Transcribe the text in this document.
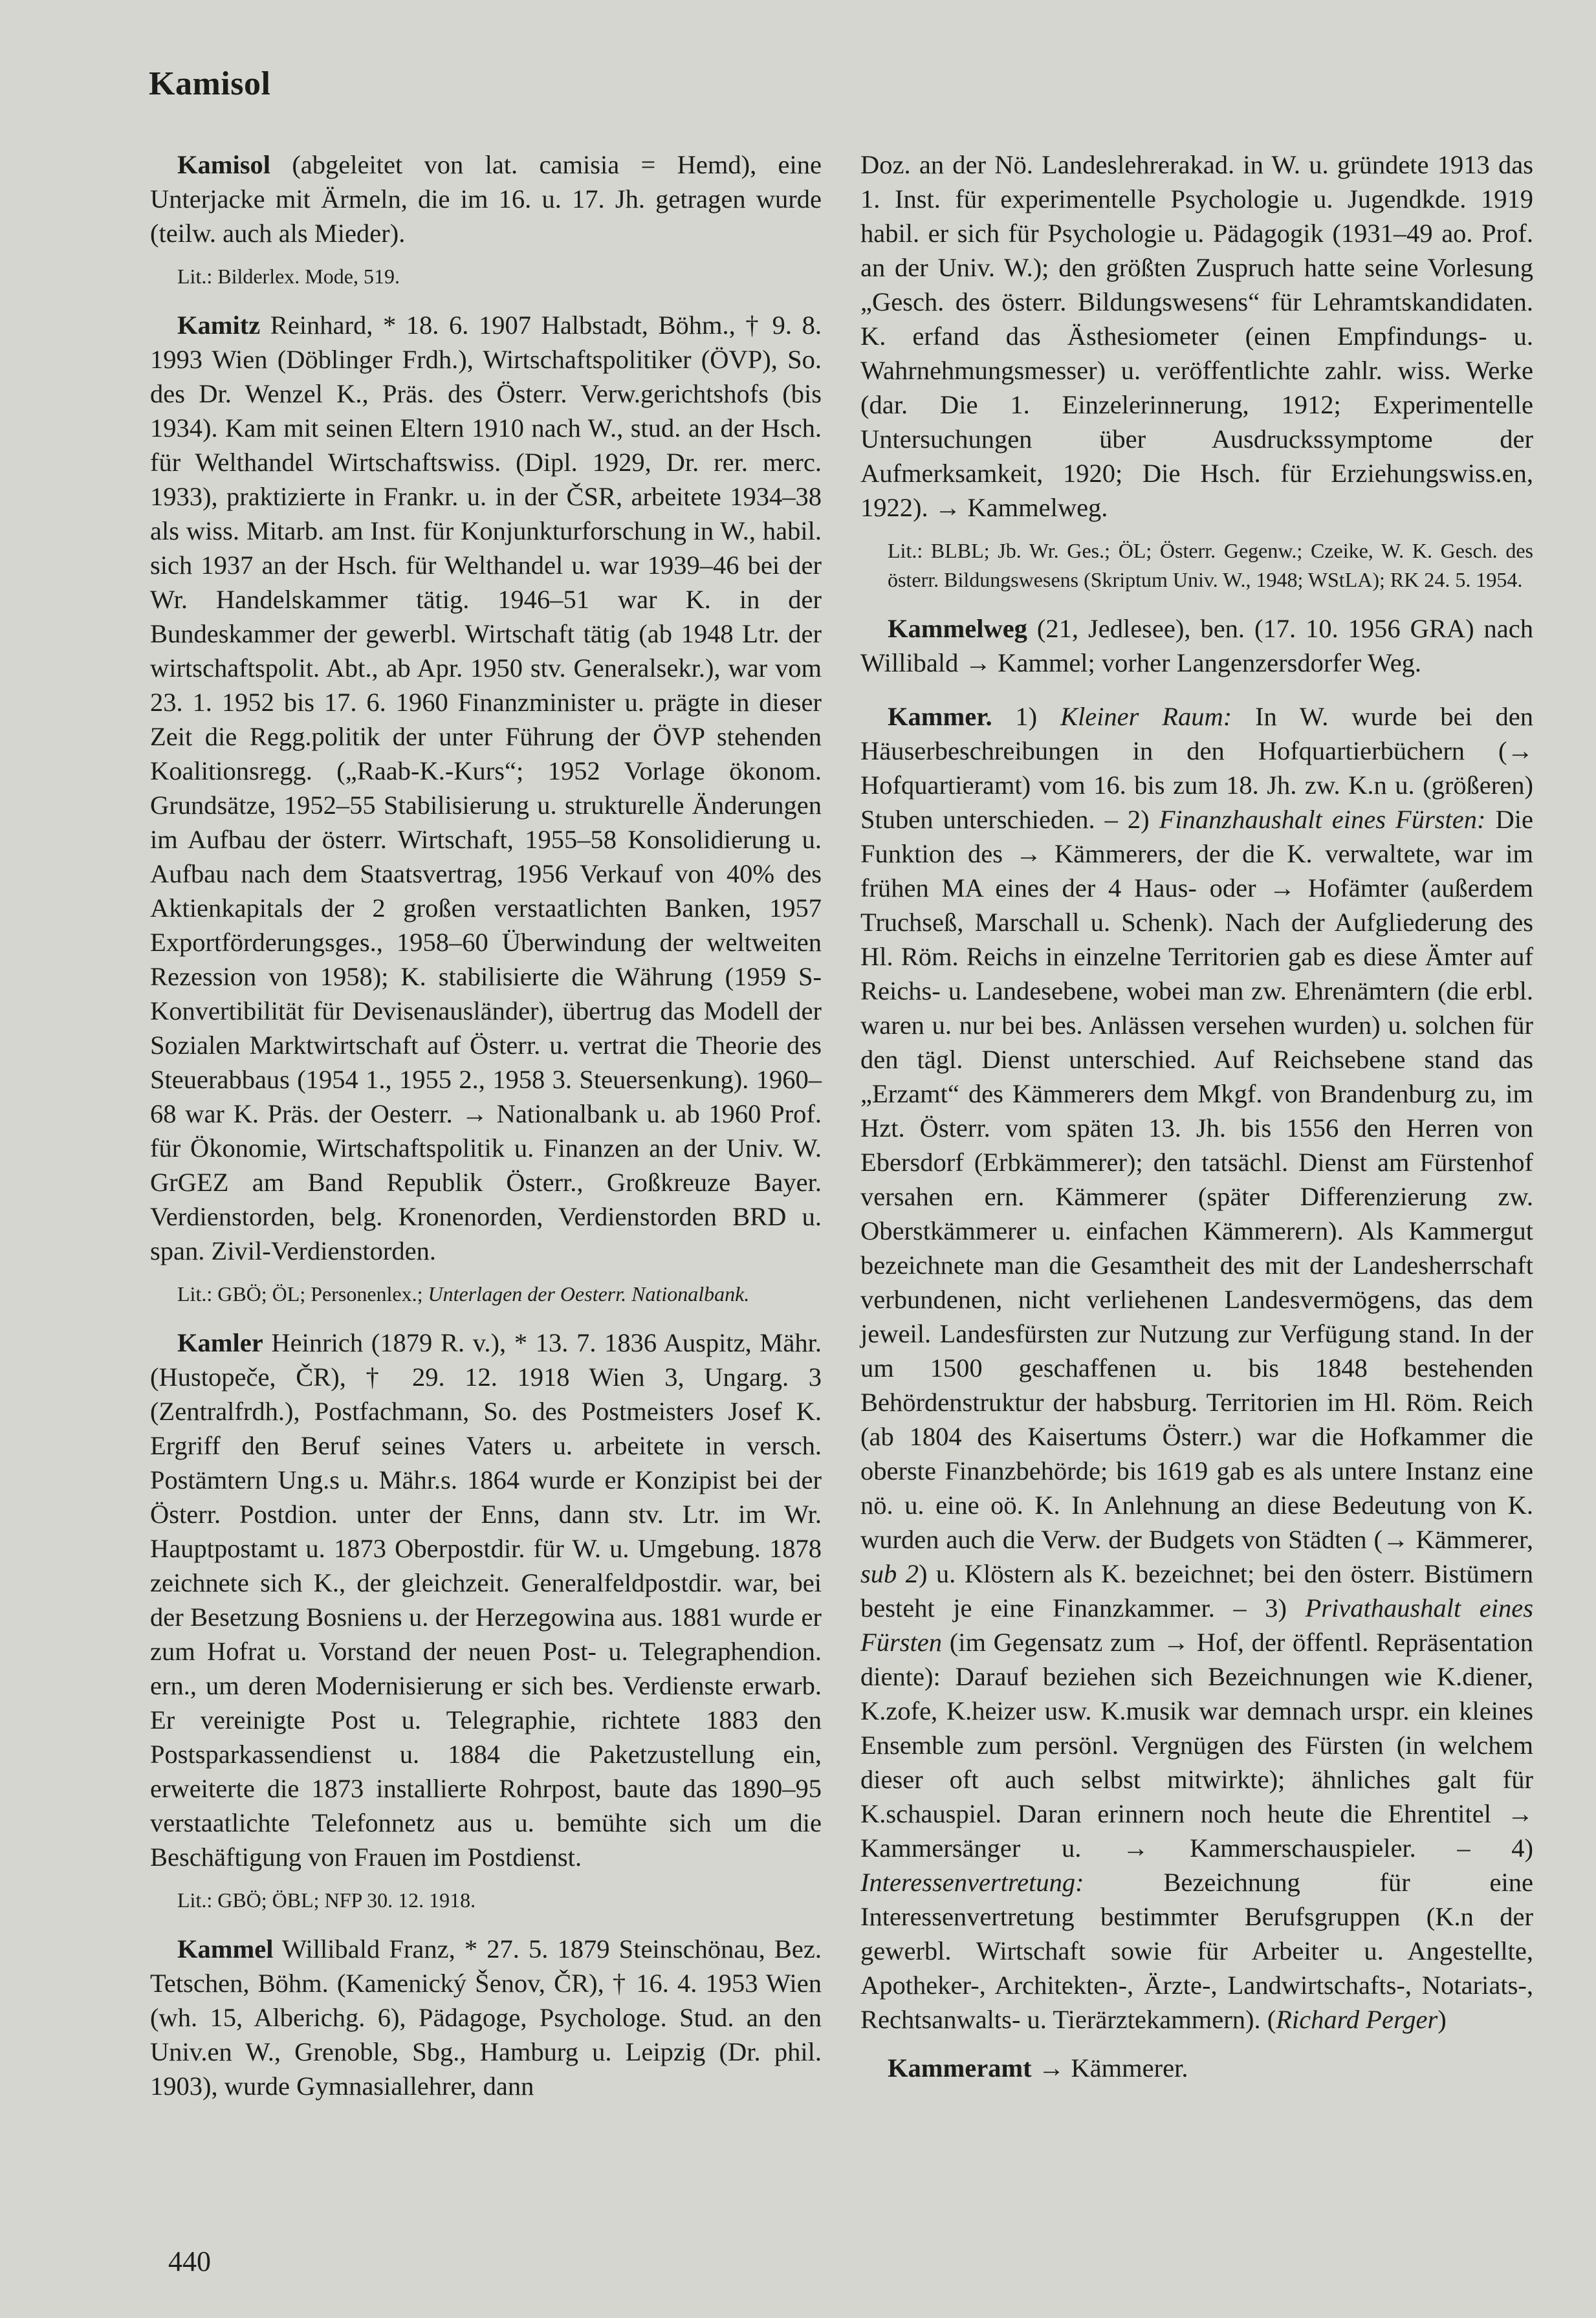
Kamisol

Kamisol (abgeleitet von lat. camisia = Hemd), eine Unterjacke mit Ärmeln, die im 16. u. 17. Jh. getragen wurde (teilw. auch als Mieder).

Lit.: Bilderlex. Mode, 519.

Kamitz Reinhard, * 18. 6. 1907 Halbstadt, Böhm., † 9. 8. 1993 Wien (Döblinger Frdh.), Wirtschaftspolitiker (ÖVP), So. des Dr. Wenzel K., Präs. des Österr. Verw.gerichtshofs (bis 1934). Kam mit seinen Eltern 1910 nach W., stud. an der Hsch. für Welthandel Wirtschaftswiss. (Dipl. 1929, Dr. rer. merc. 1933), praktizierte in Frankr. u. in der ČSR, arbeitete 1934–38 als wiss. Mitarb. am Inst. für Konjunkturforschung in W., habil. sich 1937 an der Hsch. für Welthandel u. war 1939–46 bei der Wr. Handelskammer tätig. 1946–51 war K. in der Bundeskammer der gewerbl. Wirtschaft tätig (ab 1948 Ltr. der wirtschaftspolit. Abt., ab Apr. 1950 stv. Generalsekr.), war vom 23. 1. 1952 bis 17. 6. 1960 Finanzminister u. prägte in dieser Zeit die Regg.politik der unter Führung der ÖVP stehenden Koalitionsregg. („Raab-K.-Kurs“; 1952 Vorlage ökonom. Grundsätze, 1952–55 Stabilisierung u. strukturelle Änderungen im Aufbau der österr. Wirtschaft, 1955–58 Konsolidierung u. Aufbau nach dem Staatsvertrag, 1956 Verkauf von 40% des Aktienkapitals der 2 großen verstaatlichten Banken, 1957 Exportförderungsges., 1958–60 Überwindung der weltweiten Rezession von 1958); K. stabilisierte die Währung (1959 S-Konvertibilität für Devisenausländer), übertrug das Modell der Sozialen Marktwirtschaft auf Österr. u. vertrat die Theorie des Steuerabbaus (1954 1., 1955 2., 1958 3. Steuersenkung). 1960–68 war K. Präs. der Oesterr. → Nationalbank u. ab 1960 Prof. für Ökonomie, Wirtschaftspolitik u. Finanzen an der Univ. W. GrGEZ am Band Republik Österr., Großkreuze Bayer. Verdienstorden, belg. Kronenorden, Verdienstorden BRD u. span. Zivil-Verdienstorden.

Lit.: GBÖ; ÖL; Personenlex.; Unterlagen der Oesterr. Nationalbank.

Kamler Heinrich (1879 R. v.), * 13. 7. 1836 Auspitz, Mähr. (Hustopeče, ČR), † 29. 12. 1918 Wien 3, Ungarg. 3 (Zentralfrdh.), Postfachmann, So. des Postmeisters Josef K. Ergriff den Beruf seines Vaters u. arbeitete in versch. Postämtern Ung.s u. Mähr.s. 1864 wurde er Konzipist bei der Österr. Postdion. unter der Enns, dann stv. Ltr. im Wr. Hauptpostamt u. 1873 Oberpostdir. für W. u. Umgebung. 1878 zeichnete sich K., der gleichzeit. Generalfeldpostdir. war, bei der Besetzung Bosniens u. der Herzegowina aus. 1881 wurde er zum Hofrat u. Vorstand der neuen Post- u. Telegraphendion. ern., um deren Modernisierung er sich bes. Verdienste erwarb. Er vereinigte Post u. Telegraphie, richtete 1883 den Postsparkassendienst u. 1884 die Paketzustellung ein, erweiterte die 1873 installierte Rohrpost, baute das 1890–95 verstaatlichte Telefonnetz aus u. bemühte sich um die Beschäftigung von Frauen im Postdienst.

Lit.: GBÖ; ÖBL; NFP 30. 12. 1918.

Kammel Willibald Franz, * 27. 5. 1879 Steinschönau, Bez. Tetschen, Böhm. (Kamenický Šenov, ČR), † 16. 4. 1953 Wien (wh. 15, Alberichg. 6), Pädagoge, Psychologe. Stud. an den Univ.en W., Grenoble, Sbg., Hamburg u. Leipzig (Dr. phil. 1903), wurde Gymnasiallehrer, dann

Doz. an der Nö. Landeslehrerakad. in W. u. gründete 1913 das 1. Inst. für experimentelle Psychologie u. Jugendkde. 1919 habil. er sich für Psychologie u. Pädagogik (1931–49 ao. Prof. an der Univ. W.); den größten Zuspruch hatte seine Vorlesung „Gesch. des österr. Bildungswesens“ für Lehramtskandidaten. K. erfand das Ästhesiometer (einen Empfindungs- u. Wahrnehmungsmesser) u. veröffentlichte zahlr. wiss. Werke (dar. Die 1. Einzelerinnerung, 1912; Experimentelle Untersuchungen über Ausdruckssymptome der Aufmerksamkeit, 1920; Die Hsch. für Erziehungswiss.en, 1922). → Kammelweg.

Lit.: BLBL; Jb. Wr. Ges.; ÖL; Österr. Gegenw.; Czeike, W. K. Gesch. des österr. Bildungswesens (Skriptum Univ. W., 1948; WStLA); RK 24. 5. 1954.

Kammelweg (21, Jedlesee), ben. (17. 10. 1956 GRA) nach Willibald → Kammel; vorher Langenzersdorfer Weg.

Kammer. 1) Kleiner Raum: In W. wurde bei den Häuserbeschreibungen in den Hofquartierbüchern (→ Hofquartieramt) vom 16. bis zum 18. Jh. zw. K.n u. (größeren) Stuben unterschieden. – 2) Finanzhaushalt eines Fürsten: Die Funktion des → Kämmerers, der die K. verwaltete, war im frühen MA eines der 4 Haus- oder → Hofämter (außerdem Truchseß, Marschall u. Schenk). Nach der Aufgliederung des Hl. Röm. Reichs in einzelne Territorien gab es diese Ämter auf Reichs- u. Landesebene, wobei man zw. Ehrenämtern (die erbl. waren u. nur bei bes. Anlässen versehen wurden) u. solchen für den tägl. Dienst unterschied. Auf Reichsebene stand das „Erzamt“ des Kämmerers dem Mkgf. von Brandenburg zu, im Hzt. Österr. vom späten 13. Jh. bis 1556 den Herren von Ebersdorf (Erbkämmerer); den tatsächl. Dienst am Fürstenhof versahen ern. Kämmerer (später Differenzierung zw. Oberstkämmerer u. einfachen Kämmerern). Als Kammergut bezeichnete man die Gesamtheit des mit der Landesherrschaft verbundenen, nicht verliehenen Landesvermögens, das dem jeweil. Landesfürsten zur Nutzung zur Verfügung stand. In der um 1500 geschaffenen u. bis 1848 bestehenden Behördenstruktur der habsburg. Territorien im Hl. Röm. Reich (ab 1804 des Kaisertums Österr.) war die Hofkammer die oberste Finanzbehörde; bis 1619 gab es als untere Instanz eine nö. u. eine oö. K. In Anlehnung an diese Bedeutung von K. wurden auch die Verw. der Budgets von Städten (→ Kämmerer, sub 2) u. Klöstern als K. bezeichnet; bei den österr. Bistümern besteht je eine Finanzkammer. – 3) Privathaushalt eines Fürsten (im Gegensatz zum → Hof, der öffentl. Repräsentation diente): Darauf beziehen sich Bezeichnungen wie K.diener, K.zofe, K.heizer usw. K.musik war demnach urspr. ein kleines Ensemble zum persönl. Vergnügen des Fürsten (in welchem dieser oft auch selbst mitwirkte); ähnliches galt für K.schauspiel. Daran erinnern noch heute die Ehrentitel → Kammersänger u. → Kammerschauspieler. – 4) Interessenvertretung: Bezeichnung für eine Interessenvertretung bestimmter Berufsgruppen (K.n der gewerbl. Wirtschaft sowie für Arbeiter u. Angestellte, Apotheker-, Architekten-, Ärzte-, Landwirtschafts-, Notariats-, Rechtsanwalts- u. Tierärztekammern). (Richard Perger)

Kammeramt → Kämmerer.

440
